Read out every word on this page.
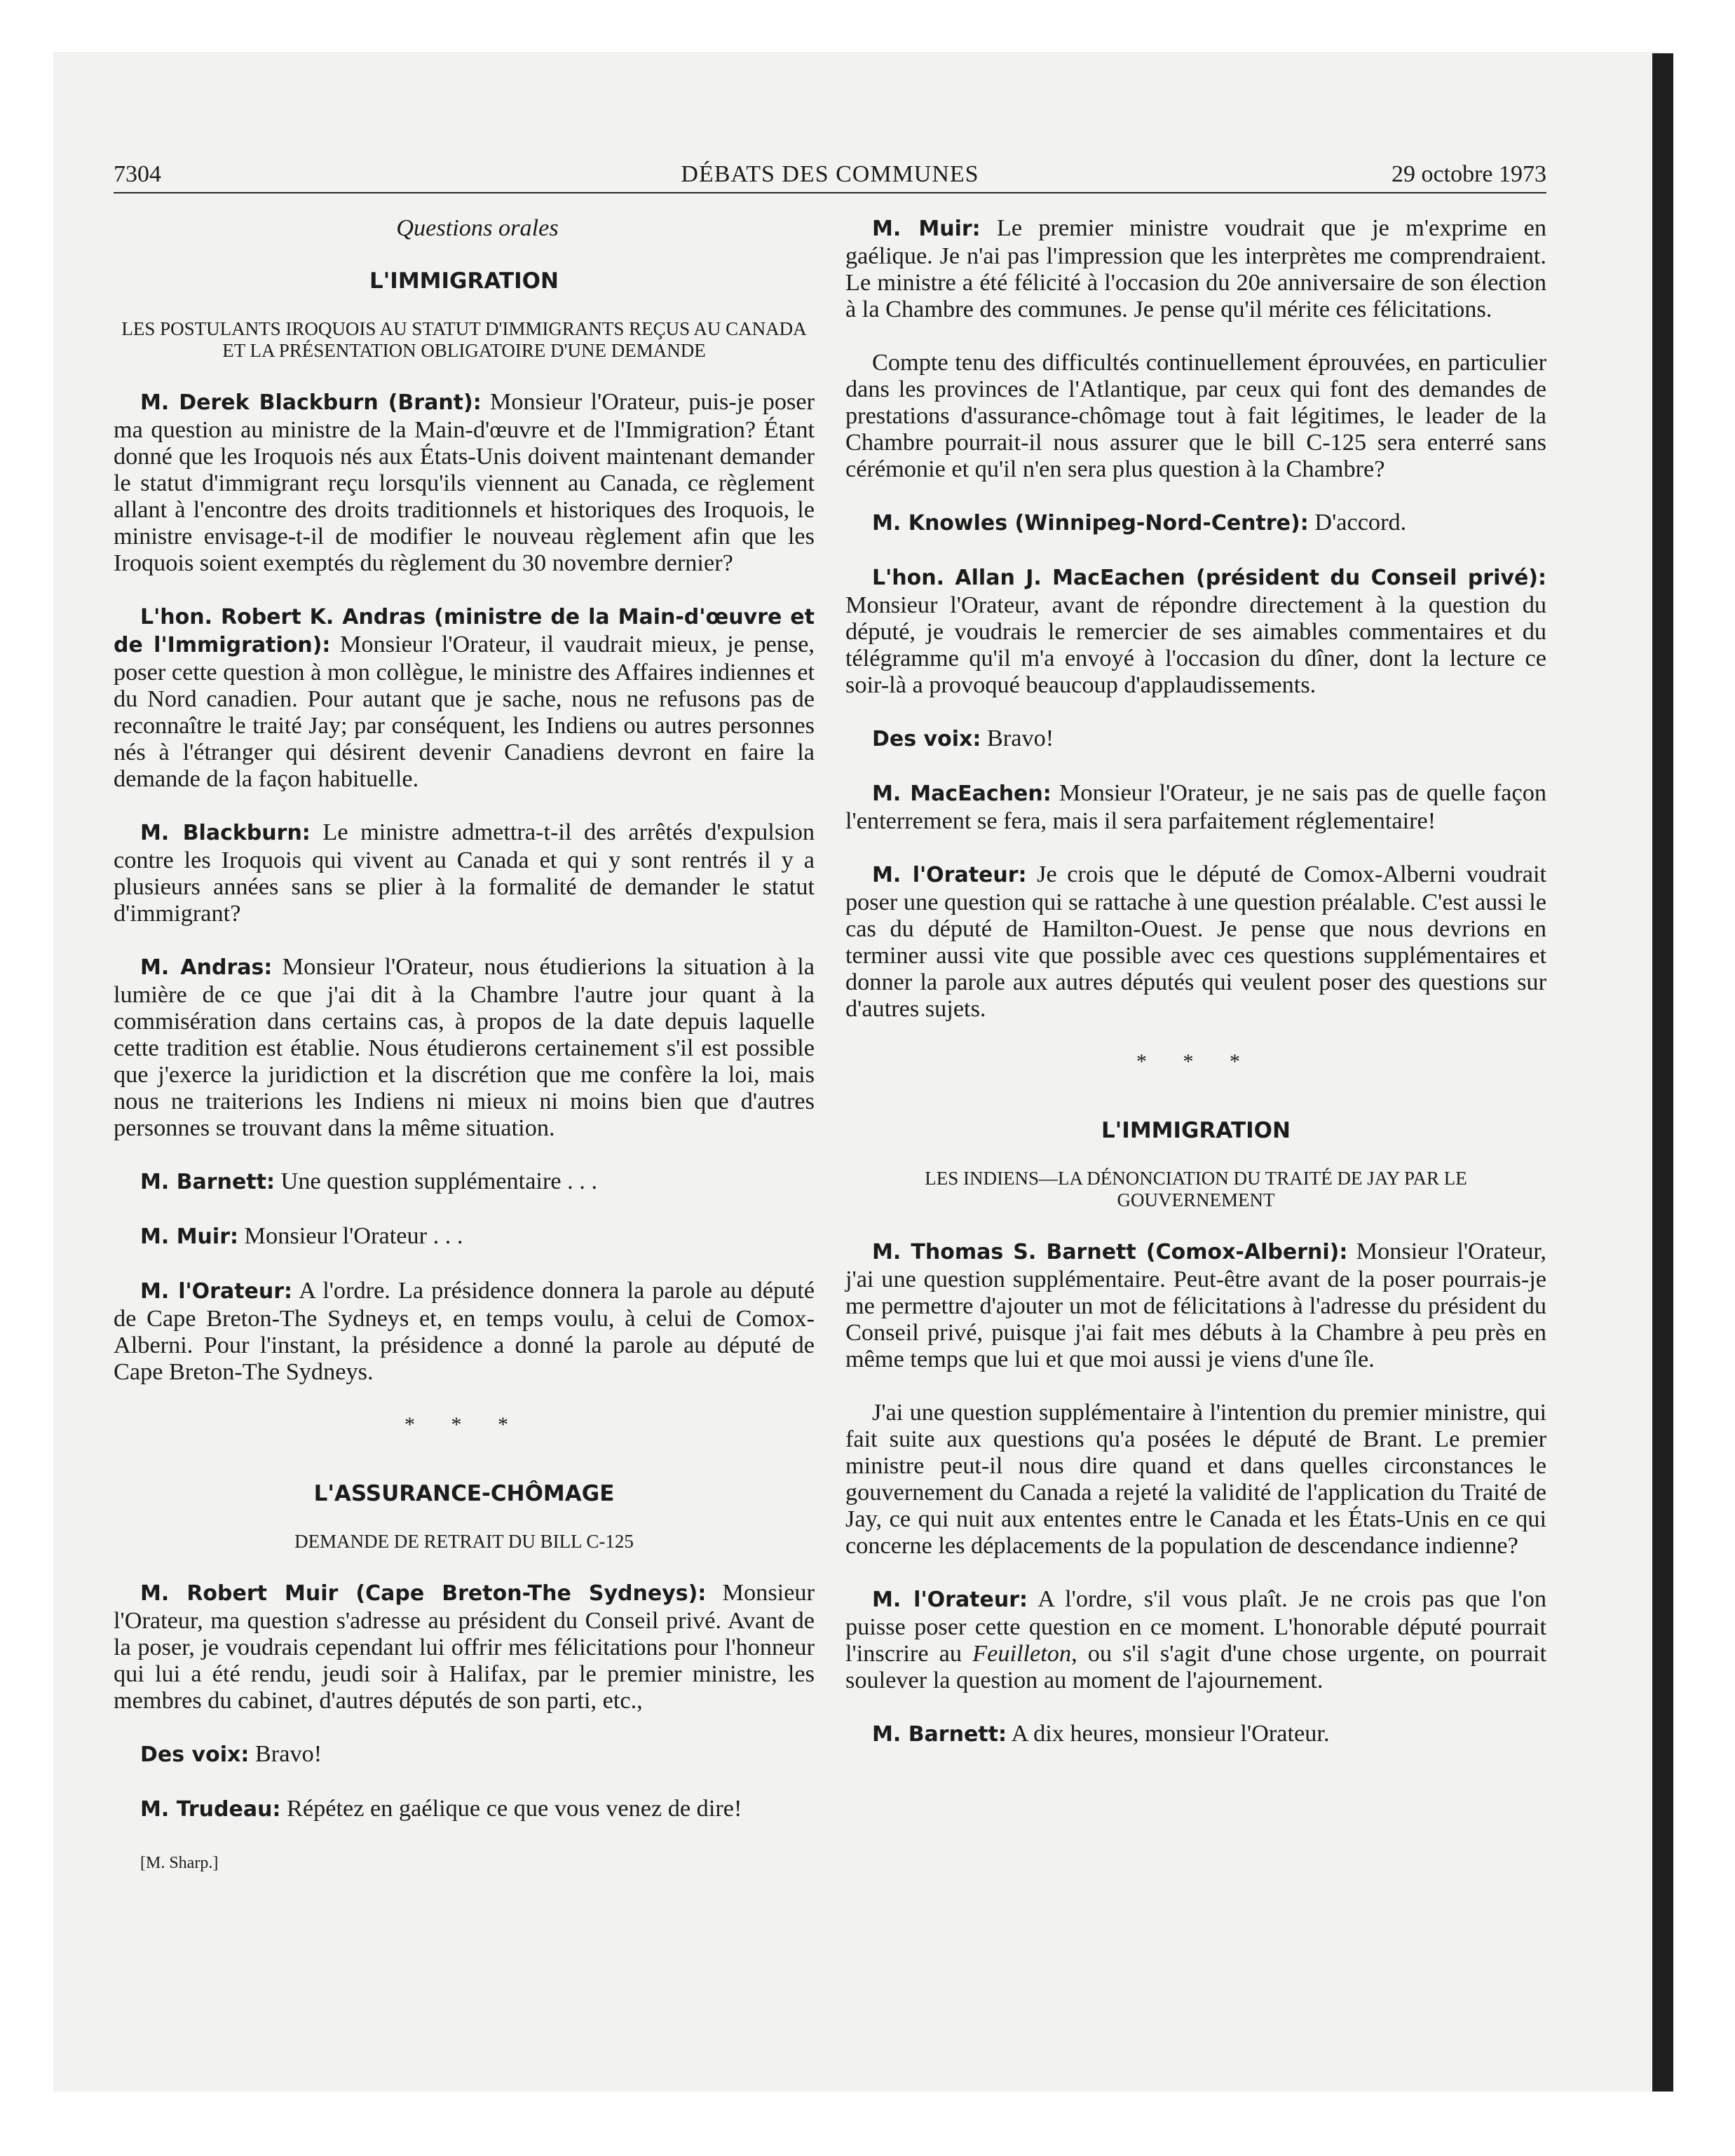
7304	DÉBATS DES COMMUNES	29 octobre 1973

Questions orales

L'IMMIGRATION
LES POSTULANTS IROQUOIS AU STATUT D'IMMIGRANTS REÇUS AU CANADA ET LA PRÉSENTATION OBLIGATOIRE D'UNE DEMANDE

M. Derek Blackburn (Brant): Monsieur l'Orateur, puis-je poser ma question au ministre de la Main-d'œuvre et de l'Immigration? Étant donné que les Iroquois nés aux États-Unis doivent maintenant demander le statut d'immigrant reçu lorsqu'ils viennent au Canada, ce règlement allant à l'encontre des droits traditionnels et historiques des Iroquois, le ministre envisage-t-il de modifier le nouveau règlement afin que les Iroquois soient exemptés du règlement du 30 novembre dernier?

L'hon. Robert K. Andras (ministre de la Main-d'œuvre et de l'Immigration): Monsieur l'Orateur, il vaudrait mieux, je pense, poser cette question à mon collègue, le ministre des Affaires indiennes et du Nord canadien. Pour autant que je sache, nous ne refusons pas de reconnaître le traité Jay; par conséquent, les Indiens ou autres personnes nés à l'étranger qui désirent devenir Canadiens devront en faire la demande de la façon habituelle.

M. Blackburn: Le ministre admettra-t-il des arrêtés d'expulsion contre les Iroquois qui vivent au Canada et qui y sont rentrés il y a plusieurs années sans se plier à la formalité de demander le statut d'immigrant?

M. Andras: Monsieur l'Orateur, nous étudierions la situation à la lumière de ce que j'ai dit à la Chambre l'autre jour quant à la commisération dans certains cas, à propos de la date depuis laquelle cette tradition est établie. Nous étudierons certainement s'il est possible que j'exerce la juridiction et la discrétion que me confère la loi, mais nous ne traiterions les Indiens ni mieux ni moins bien que d'autres personnes se trouvant dans la même situation.

M. Barnett: Une question supplémentaire . . .

M. Muir: Monsieur l'Orateur . . .

M. l'Orateur: A l'ordre. La présidence donnera la parole au député de Cape Breton-The Sydneys et, en temps voulu, à celui de Comox-Alberni. Pour l'instant, la présidence a donné la parole au député de Cape Breton-The Sydneys.

* * *
L'ASSURANCE-CHÔMAGE
DEMANDE DE RETRAIT DU BILL C-125

M. Robert Muir (Cape Breton-The Sydneys): Monsieur l'Orateur, ma question s'adresse au président du Conseil privé. Avant de la poser, je voudrais cependant lui offrir mes félicitations pour l'honneur qui lui a été rendu, jeudi soir à Halifax, par le premier ministre, les membres du cabinet, d'autres députés de son parti, etc.,

Des voix: Bravo!

M. Trudeau: Répétez en gaélique ce que vous venez de dire!

[M. Sharp.]

M. Muir: Le premier ministre voudrait que je m'exprime en gaélique. Je n'ai pas l'impression que les interprètes me comprendraient. Le ministre a été félicité à l'occasion du 20e anniversaire de son élection à la Chambre des communes. Je pense qu'il mérite ces félicitations.

Compte tenu des difficultés continuellement éprouvées, en particulier dans les provinces de l'Atlantique, par ceux qui font des demandes de prestations d'assurance-chômage tout à fait légitimes, le leader de la Chambre pourrait-il nous assurer que le bill C-125 sera enterré sans cérémonie et qu'il n'en sera plus question à la Chambre?

M. Knowles (Winnipeg-Nord-Centre): D'accord.

L'hon. Allan J. MacEachen (président du Conseil privé): Monsieur l'Orateur, avant de répondre directement à la question du député, je voudrais le remercier de ses aimables commentaires et du télégramme qu'il m'a envoyé à l'occasion du dîner, dont la lecture ce soir-là a provoqué beaucoup d'applaudissements.

Des voix: Bravo!

M. MacEachen: Monsieur l'Orateur, je ne sais pas de quelle façon l'enterrement se fera, mais il sera parfaitement réglementaire!

M. l'Orateur: Je crois que le député de Comox-Alberni voudrait poser une question qui se rattache à une question préalable. C'est aussi le cas du député de Hamilton-Ouest. Je pense que nous devrions en terminer aussi vite que possible avec ces questions supplémentaires et donner la parole aux autres députés qui veulent poser des questions sur d'autres sujets.

* * *
L'IMMIGRATION
LES INDIENS—LA DÉNONCIATION DU TRAITÉ DE JAY PAR LE GOUVERNEMENT

M. Thomas S. Barnett (Comox-Alberni): Monsieur l'Orateur, j'ai une question supplémentaire. Peut-être avant de la poser pourrais-je me permettre d'ajouter un mot de félicitations à l'adresse du président du Conseil privé, puisque j'ai fait mes débuts à la Chambre à peu près en même temps que lui et que moi aussi je viens d'une île.

J'ai une question supplémentaire à l'intention du premier ministre, qui fait suite aux questions qu'a posées le député de Brant. Le premier ministre peut-il nous dire quand et dans quelles circonstances le gouvernement du Canada a rejeté la validité de l'application du Traité de Jay, ce qui nuit aux ententes entre le Canada et les États-Unis en ce qui concerne les déplacements de la population de descendance indienne?

M. l'Orateur: A l'ordre, s'il vous plaît. Je ne crois pas que l'on puisse poser cette question en ce moment. L'honorable député pourrait l'inscrire au Feuilleton, ou s'il s'agit d'une chose urgente, on pourrait soulever la question au moment de l'ajournement.

M. Barnett: A dix heures, monsieur l'Orateur.
